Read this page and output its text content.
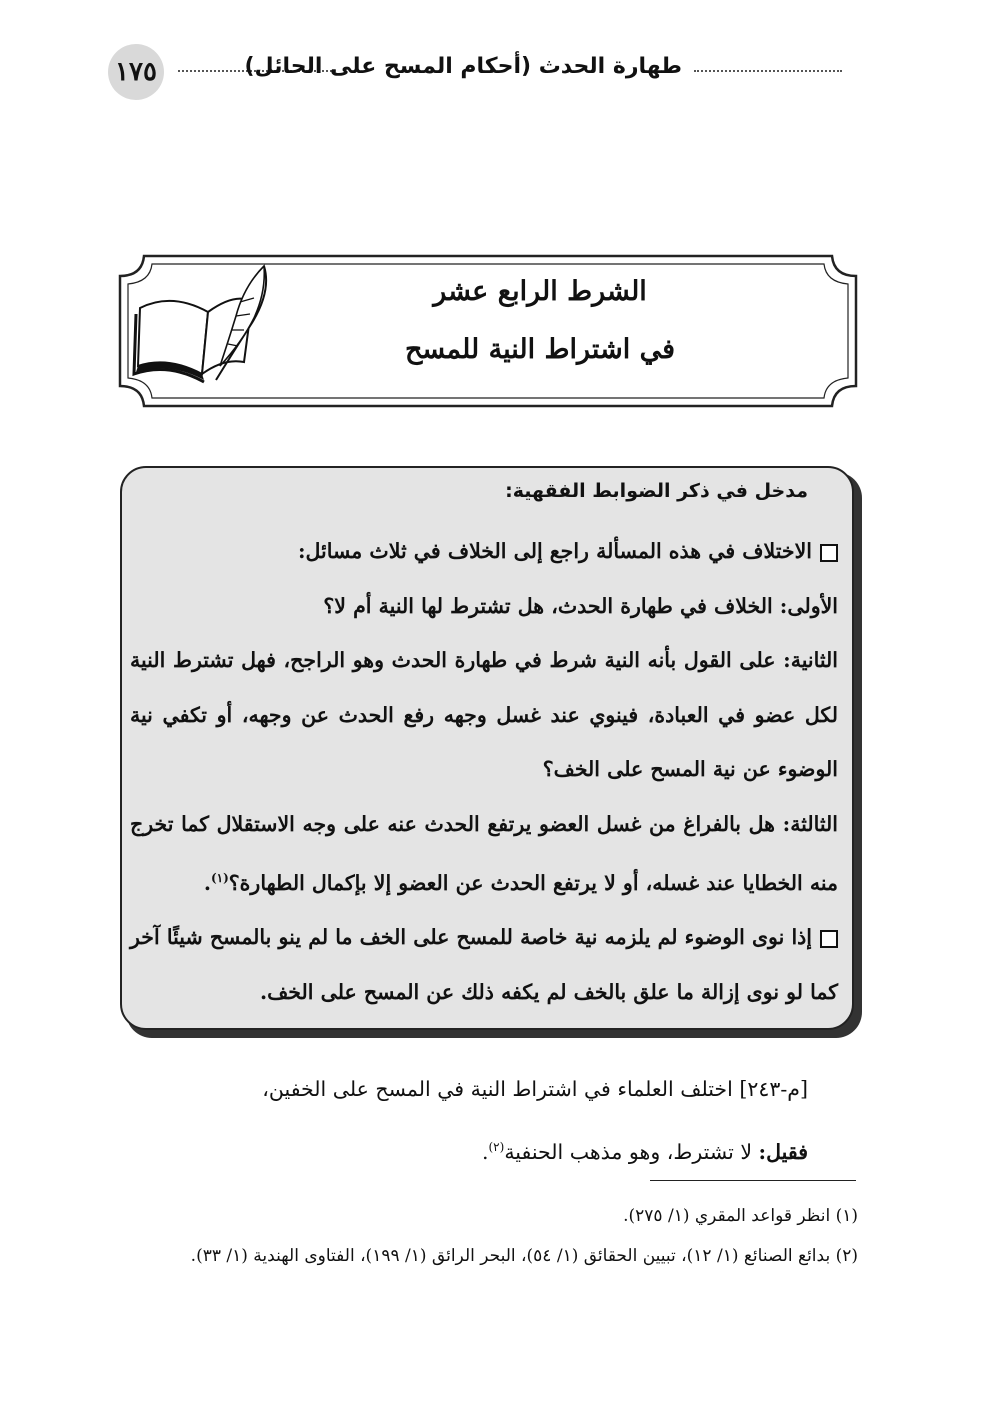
١٧٥	طهارة الحدث (أحكام المسح على الحائل)
الشرط الرابع عشر
في اشتراط النية للمسح
مدخل في ذكر الضوابط الفقهية:

الاختلاف في هذه المسألة راجع إلى الخلاف في ثلاث مسائل:

الأولى: الخلاف في طهارة الحدث، هل تشترط لها النية أم لا؟

الثانية: على القول بأنه النية شرط في طهارة الحدث وهو الراجح، فهل تشترط النية لكل عضو في العبادة، فينوي عند غسل وجهه رفع الحدث عن وجهه، أو تكفي نية الوضوء عن نية المسح على الخف؟

الثالثة: هل بالفراغ من غسل العضو يرتفع الحدث عنه على وجه الاستقلال كما تخرج منه الخطايا عند غسله، أو لا يرتفع الحدث عن العضو إلا بإكمال الطهارة؟$^{(١)}$.

إذا نوى الوضوء لم يلزمه نية خاصة للمسح على الخف ما لم ينو بالمسح شيئًا آخر كما لو نوى إزالة ما علق بالخف لم يكفه ذلك عن المسح على الخف.

[م-٢٤٣] اختلف العلماء في اشتراط النية في المسح على الخفين،

فقيل: لا تشترط، وهو مذهب الحنفية$^{(٢)}$.

(١) انظر قواعد المقري (١/ ٢٧٥).

(٢) بدائع الصنائع (١/ ١٢)، تبيين الحقائق (١/ ٥٤)، البحر الرائق (١/ ١٩٩)، الفتاوى الهندية (١/ ٣٣).
